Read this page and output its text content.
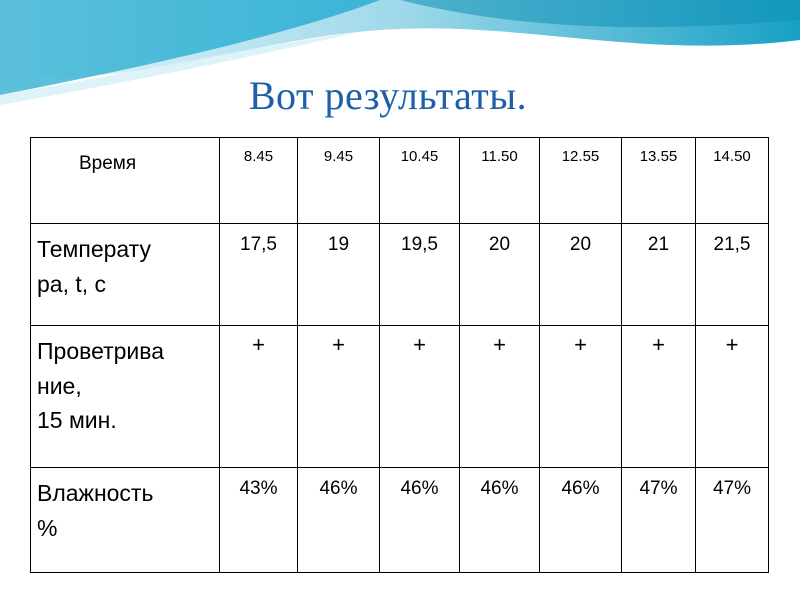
Вот результаты.
Время	8.45	9.45	10.45	11.50	12.55	13.55	14.50

Температу
ра, t, c	17,5	19	19,5	20	20	21	21,5

Проветрива
ние,
15 мин.	+	+	+	+	+	+	+

Влажность
%	43%	46%	46%	46%	46%	47%	47%
